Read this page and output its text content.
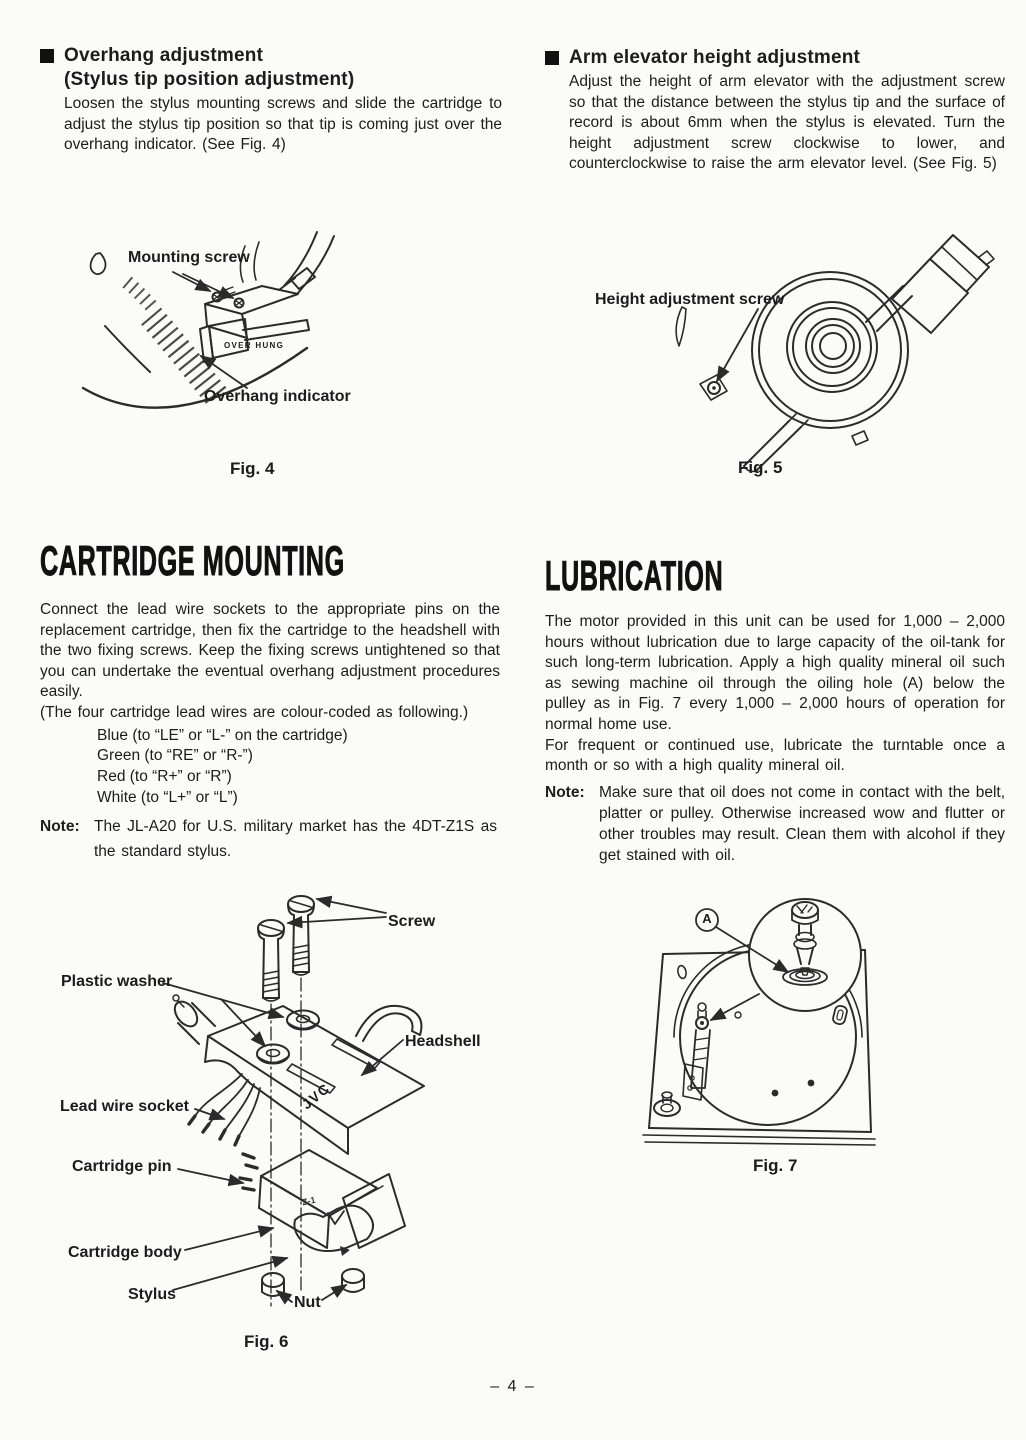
Overhang adjustment
(Stylus tip position adjustment)
Loosen the stylus mounting screws and slide the cartridge to adjust the stylus tip position so that tip is coming just over the overhang indicator. (See Fig. 4)
Arm elevator height adjustment
Adjust the height of arm elevator with the adjustment screw so that the distance between the stylus tip and the surface of record is about 6mm when the stylus is elevated. Turn the height adjustment screw clockwise to lower, and counterclockwise to raise the arm elevator level. (See Fig. 5)
Mounting screw
OVER HUNG
Overhang indicator
Fig. 4
Height adjustment screw
Fig. 5
CARTRIDGE MOUNTING
Connect the lead wire sockets to the appropriate pins on the replacement cartridge, then fix the cartridge to the headshell with the two fixing screws. Keep the fixing screws untightened so that you can undertake the eventual overhang adjustment procedures easily.
(The four cartridge lead wires are colour-coded as following.)
Blue (to “LE” or “L-” on the cartridge)
Green (to “RE” or “R-”)
Red (to “R+” or “R”)
White (to “L+” or “L”)
Note: The JL-A20 for U.S. military market has the 4DT-Z1S as the standard stylus.
LUBRICATION
The motor provided in this unit can be used for 1,000 – 2,000 hours without lubrication due to large capacity of the oil-tank for such long-term lubrication. Apply a high quality mineral oil such as sewing machine oil through the oiling hole (A) below the pulley as in Fig. 7 every 1,000 – 2,000 hours of operation for normal home use.
For frequent or continued use, lubricate the turntable once a month or so with a high quality mineral oil.
Note: Make sure that oil does not come in contact with the belt, platter or pulley. Otherwise increased wow and flutter or other troubles may result. Clean them with alcohol if they get stained with oil.
Screw
Plastic washer
Headshell
Lead wire socket
Cartridge pin
Cartridge body
Stylus	Nut
JVC
Z-1
Fig. 6
A
Fig. 7
– 4 –
